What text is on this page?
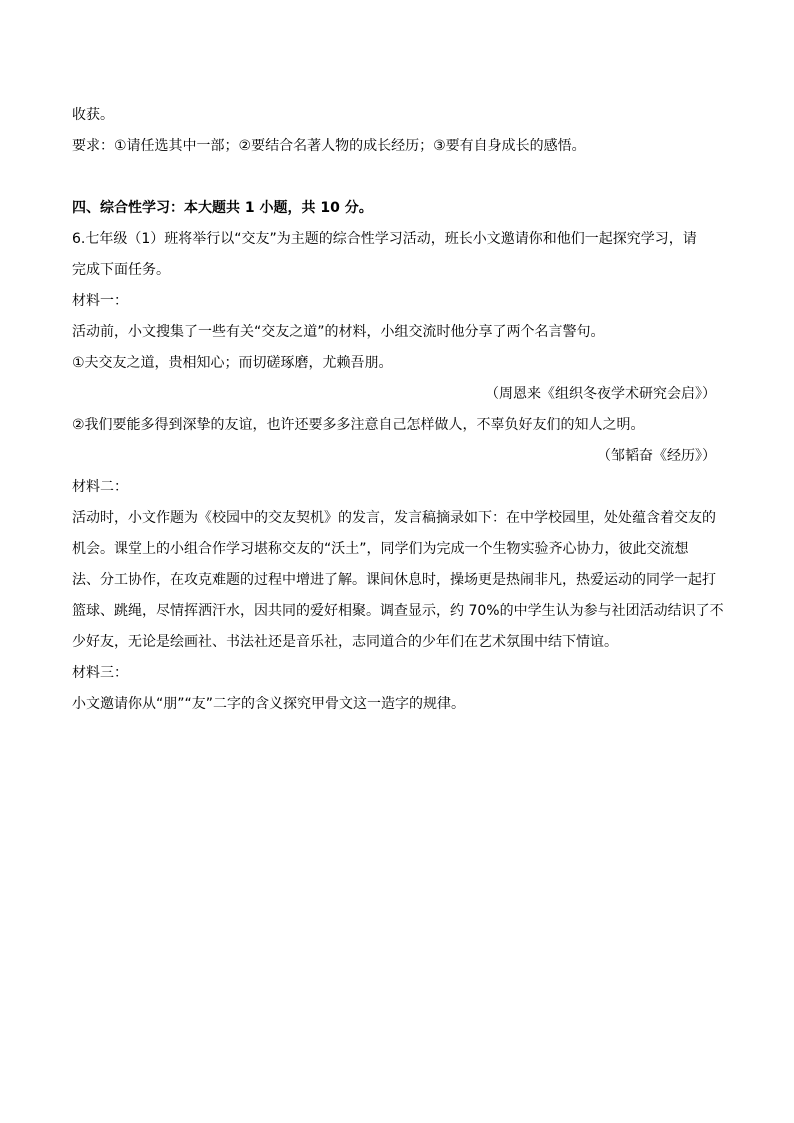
收获。
要求：①请任选其中一部；②要结合名著人物的成长经历；③要有自身成长的感悟。
四、综合性学习：本大题共 1 小题，共 10 分。
6.七年级（1）班将举行以“交友”为主题的综合性学习活动，班长小文邀请你和他们一起探究学习，请
完成下面任务。
材料一：
活动前，小文搜集了一些有关“交友之道”的材料，小组交流时他分享了两个名言警句。
①夫交友之道，贵相知心；而切磋琢磨，尤赖吾朋。
（周恩来《组织冬夜学术研究会启》）
②我们要能多得到深挚的友谊，也许还要多多注意自己怎样做人，不辜负好友们的知人之明。
（邹韬奋《经历》）
材料二：
活动时，小文作题为《校园中的交友契机》的发言，发言稿摘录如下：在中学校园里，处处蕴含着交友的
机会。课堂上的小组合作学习堪称交友的“沃土”，同学们为完成一个生物实验齐心协力，彼此交流想
法、分工协作，在攻克难题的过程中增进了解。课间休息时，操场更是热闹非凡，热爱运动的同学一起打
篮球、跳绳，尽情挥洒汗水，因共同的爱好相聚。调查显示，约 70%的中学生认为参与社团活动结识了不
少好友，无论是绘画社、书法社还是音乐社，志同道合的少年们在艺术氛围中结下情谊。
材料三：
小文邀请你从“朋”“友”二字的含义探究甲骨文这一造字的规律。
